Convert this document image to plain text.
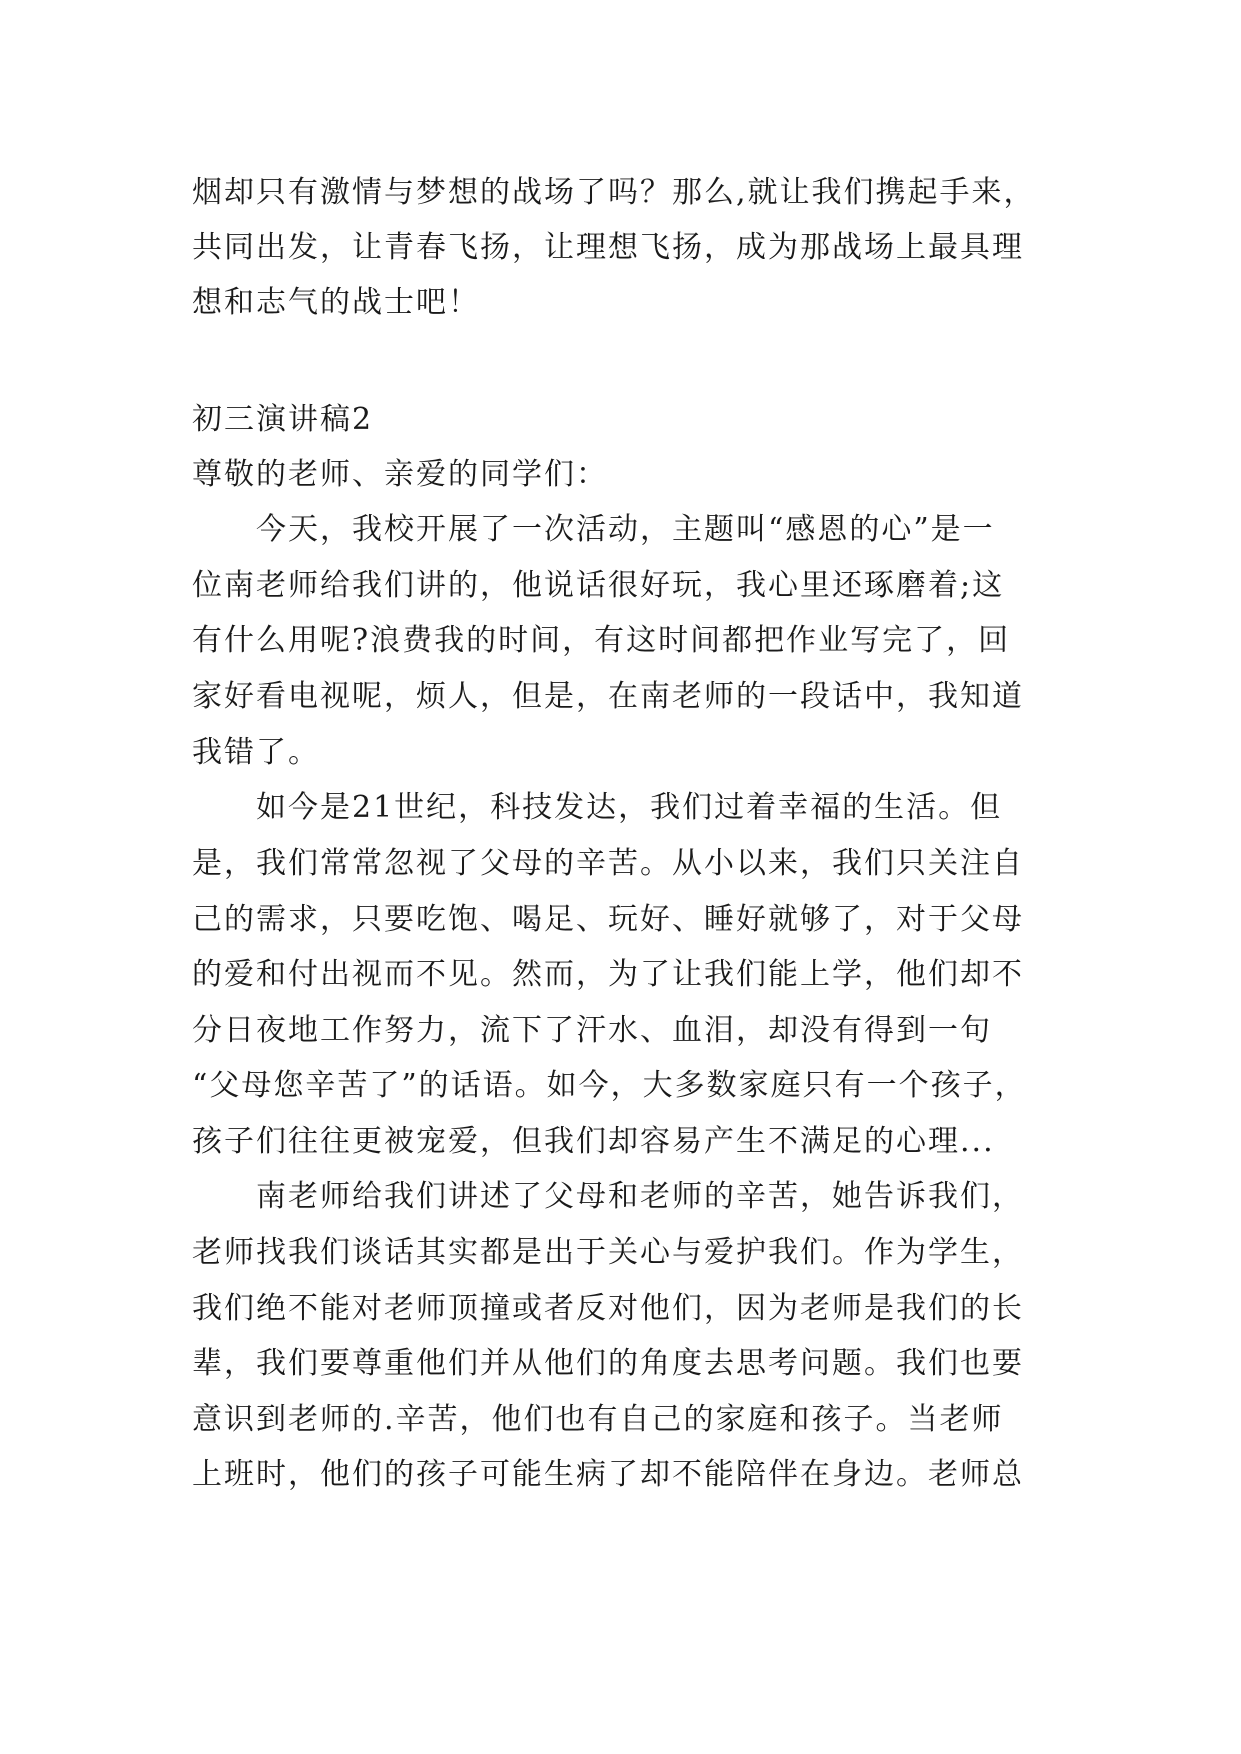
烟却只有激情与梦想的战场了吗？那么,就让我们携起手来，
共同出发，让青春飞扬，让理想飞扬，成为那战场上最具理
想和志气的战士吧！
初三演讲稿2
尊敬的老师、亲爱的同学们：
今天，我校开展了一次活动，主题叫“感恩的心”是一
位南老师给我们讲的，他说话很好玩，我心里还琢磨着;这
有什么用呢?浪费我的时间，有这时间都把作业写完了，回
家好看电视呢，烦人，但是，在南老师的一段话中，我知道
我错了。
如今是21世纪，科技发达，我们过着幸福的生活。但
是，我们常常忽视了父母的辛苦。从小以来，我们只关注自
己的需求，只要吃饱、喝足、玩好、睡好就够了，对于父母
的爱和付出视而不见。然而，为了让我们能上学，他们却不
分日夜地工作努力，流下了汗水、血泪，却没有得到一句
“父母您辛苦了”的话语。如今，大多数家庭只有一个孩子，
孩子们往往更被宠爱，但我们却容易产生不满足的心理...
南老师给我们讲述了父母和老师的辛苦，她告诉我们，
老师找我们谈话其实都是出于关心与爱护我们。作为学生，
我们绝不能对老师顶撞或者反对他们，因为老师是我们的长
辈，我们要尊重他们并从他们的角度去思考问题。我们也要
意识到老师的.辛苦，他们也有自己的家庭和孩子。当老师
上班时，他们的孩子可能生病了却不能陪伴在身边。老师总
